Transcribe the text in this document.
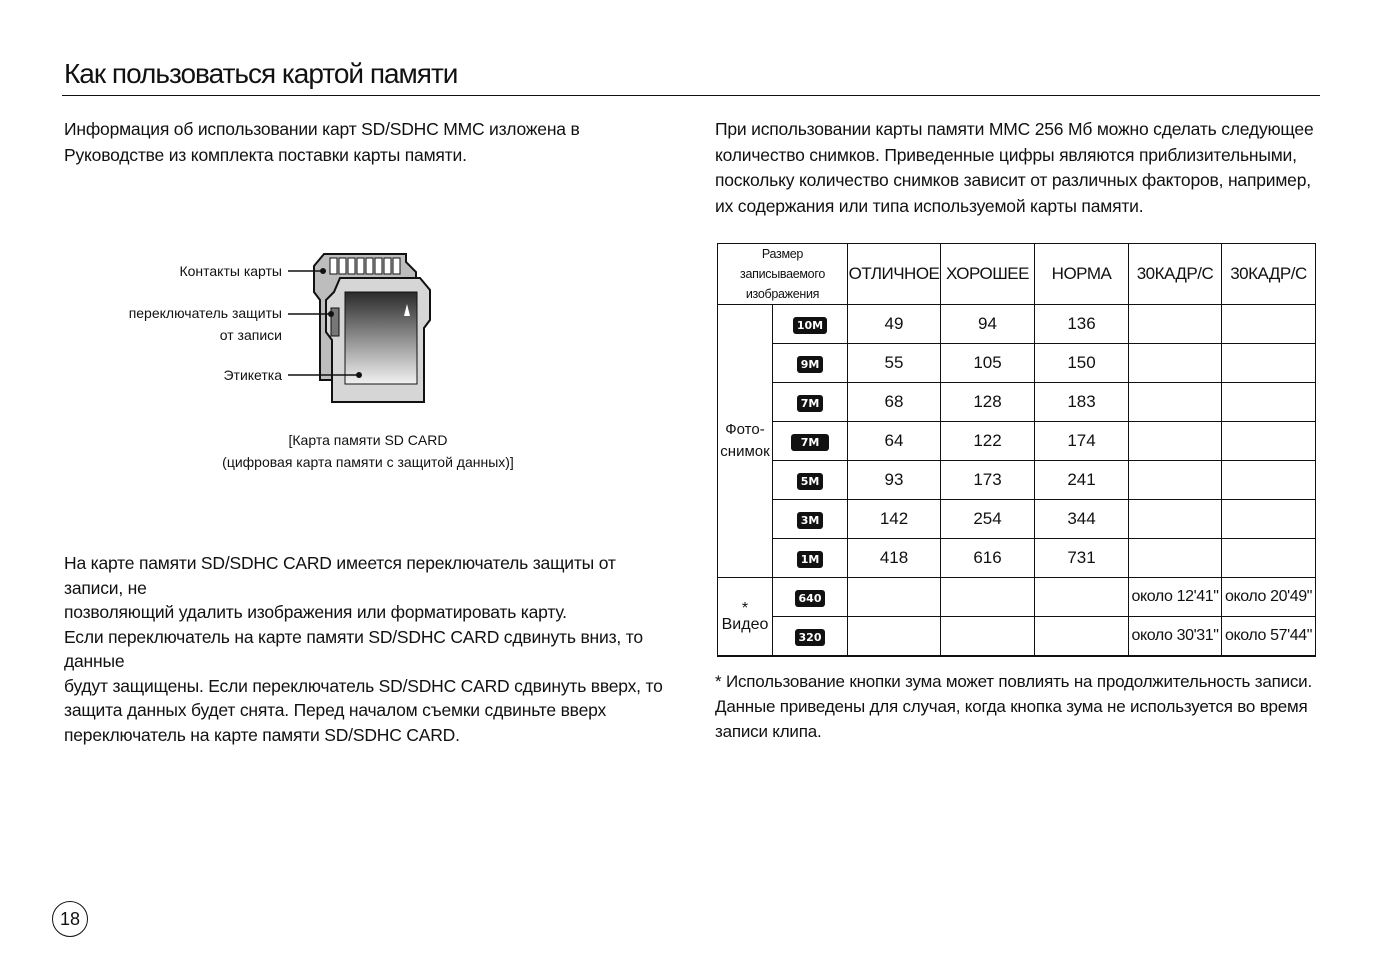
Как пользоваться картой памяти
Информация об использовании карт SD/SDHC MMC изложена в
Руководстве из комплекта поставки карты памяти.
Контакты карты
переключатель защиты
от записи
Этикетка
[Карта памяти SD CARD
(цифровая карта памяти с защитой данных)]
На карте памяти SD/SDHC CARD имеется переключатель защиты от записи, не
позволяющий удалить изображения или форматировать карту.
Если переключатель на карте памяти SD/SDHC CARD сдвинуть вниз, то данные
будут защищены. Если переключатель SD/SDHC CARD сдвинуть вверх, то
защита данных будет снята. Перед началом съемки сдвиньте вверх
переключатель на карте памяти SD/SDHC CARD.
При использовании карты памяти MMC 256 Мб можно сделать следующее
количество снимков. Приведенные цифры являются приблизительными,
поскольку количество снимков зависит от различных факторов, например,
их содержания или типа используемой карты памяти.
Размер записываемого изображения		ОТЛИЧНОЕ	ХОРОШЕЕ	НОРМА	30КАДР/С	30КАДР/С
Фото-
снимок	10M	49	94	136		
	9M	55	105	150		
	7M	68	128	183		
	7M	64	122	174		
	5M	93	173	241		
	3M	142	254	344		
	1M	418	616	731		
*
Видео	640				около 12'41"	около 20'49"
	320				около 30'31"	около 57'44"
* Использование кнопки зума может повлиять на продолжительность записи.
Данные приведены для случая, когда кнопка зума не используется во время
записи клипа.
18
